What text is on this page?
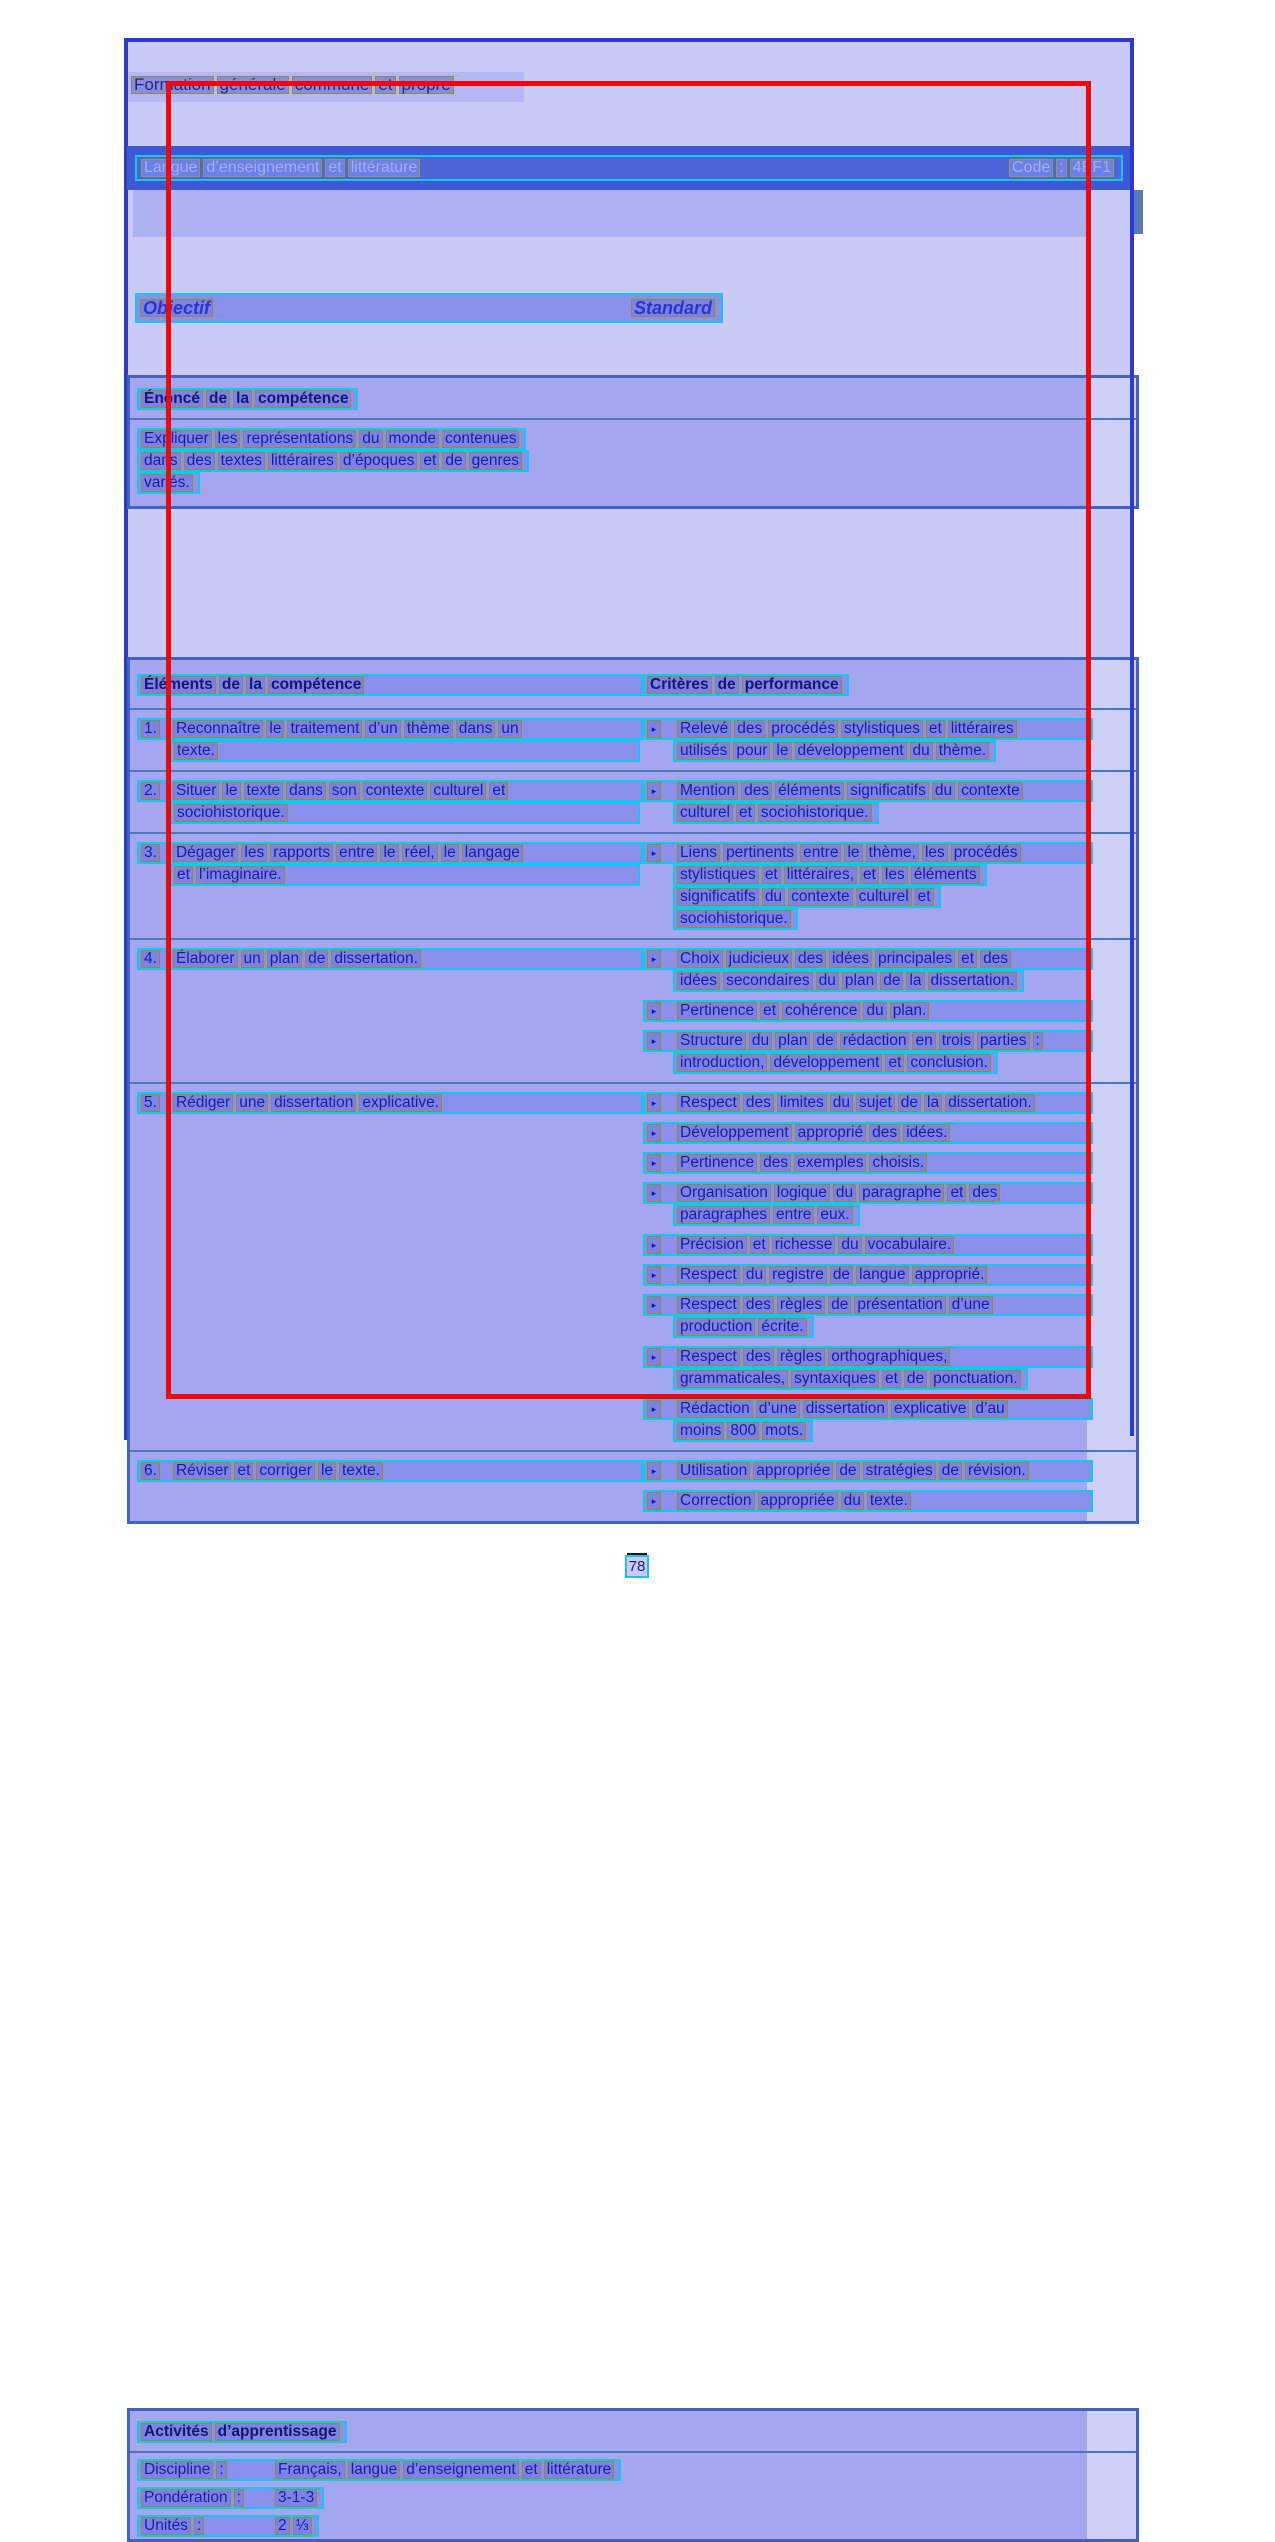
Formation générale commune et propre
Langue d’enseignement et littérature	Code : 4EF1
Objectif	Standard
Énoncé de la compétence
Expliquer les représentations du monde contenues
dans des textes littéraires d’époques et de genres
variés.
Éléments de la compétence	Critères de performance
1. Reconnaître le traitement d’un thème dans un
texte.
▸	Relevé des procédés stylistiques et littéraires
utilisés pour le développement du thème.
2. Situer le texte dans son contexte culturel et
sociohistorique.
▸	Mention des éléments significatifs du contexte
culturel et sociohistorique.
3. Dégager les rapports entre le réel, le langage
et l’imaginaire.
▸	Liens pertinents entre le thème, les procédés
stylistiques et littéraires, et les éléments
significatifs du contexte culturel et
sociohistorique.
4. Élaborer un plan de dissertation.	▸	Choix judicieux des idées principales et des
idées secondaires du plan de la dissertation.
▸	Pertinence et cohérence du plan.
▸	Structure du plan de rédaction en trois parties :
introduction, développement et conclusion.
5. Rédiger une dissertation explicative.	▸	Respect des limites du sujet de la dissertation.
▸	Développement approprié des idées.
▸	Pertinence des exemples choisis.
▸	Organisation logique du paragraphe et des
paragraphes entre eux.
▸	Précision et richesse du vocabulaire.
▸	Respect du registre de langue approprié.
▸	Respect des règles de présentation d’une
production écrite.
▸	Respect des règles orthographiques,
grammaticales, syntaxiques et de ponctuation.
▸	Rédaction d’une dissertation explicative d’au
moins 800 mots.
6. Réviser et corriger le texte.	▸	Utilisation appropriée de stratégies de révision.
▸	Correction appropriée du texte.
Activités d’apprentissage
Discipline :	Français, langue d’enseignement et littérature
Pondération : 3-1-3
Unités :	2 ⅓
78
